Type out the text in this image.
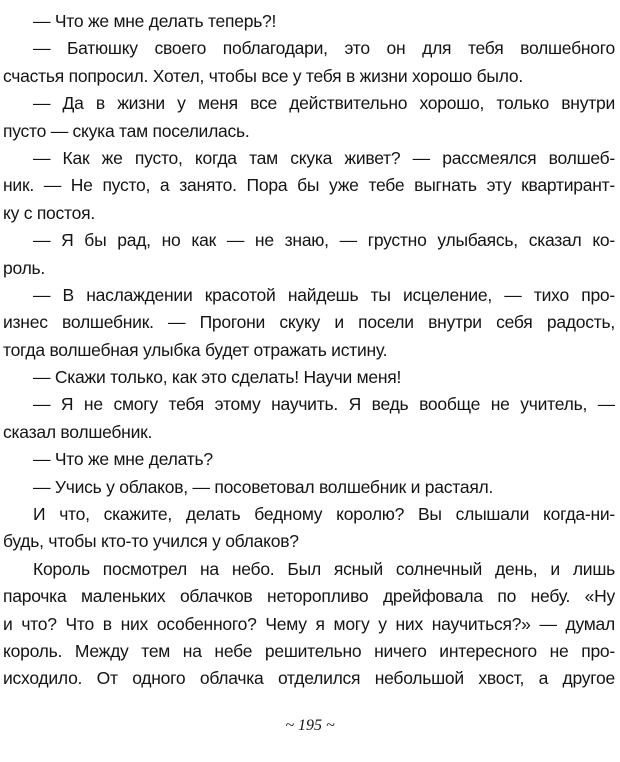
— Что же мне делать теперь?!
— Батюшку своего поблагодари, это он для тебя волшебного
счастья попросил. Хотел, чтобы все у тебя в жизни хорошо было.
— Да в жизни у меня все действительно хорошо, только внутри
пусто — скука там поселилась.
— Как же пусто, когда там скука живет? — рассмеялся волшеб-
ник. — Не пусто, а занято. Пора бы уже тебе выгнать эту квартирант-
ку с постоя.
— Я бы рад, но как — не знаю, — грустно улыбаясь, сказал ко-
роль.
— В наслаждении красотой найдешь ты исцеление, — тихо про-
изнес волшебник. — Прогони скуку и посели внутри себя радость,
тогда волшебная улыбка будет отражать истину.
— Скажи только, как это сделать! Научи меня!
— Я не смогу тебя этому научить. Я ведь вообще не учитель, —
сказал волшебник.
— Что же мне делать?
— Учись у облаков, — посоветовал волшебник и растаял.
И что, скажите, делать бедному королю? Вы слышали когда-ни-
будь, чтобы кто-то учился у облаков?
Король посмотрел на небо. Был ясный солнечный день, и лишь
парочка маленьких облачков неторопливо дрейфовала по небу. «Ну
и что? Что в них особенного? Чему я могу у них научиться?» — думал
король. Между тем на небе решительно ничего интересного не про-
исходило. От одного облачка отделился небольшой хвост, а другое
~ 195 ~
